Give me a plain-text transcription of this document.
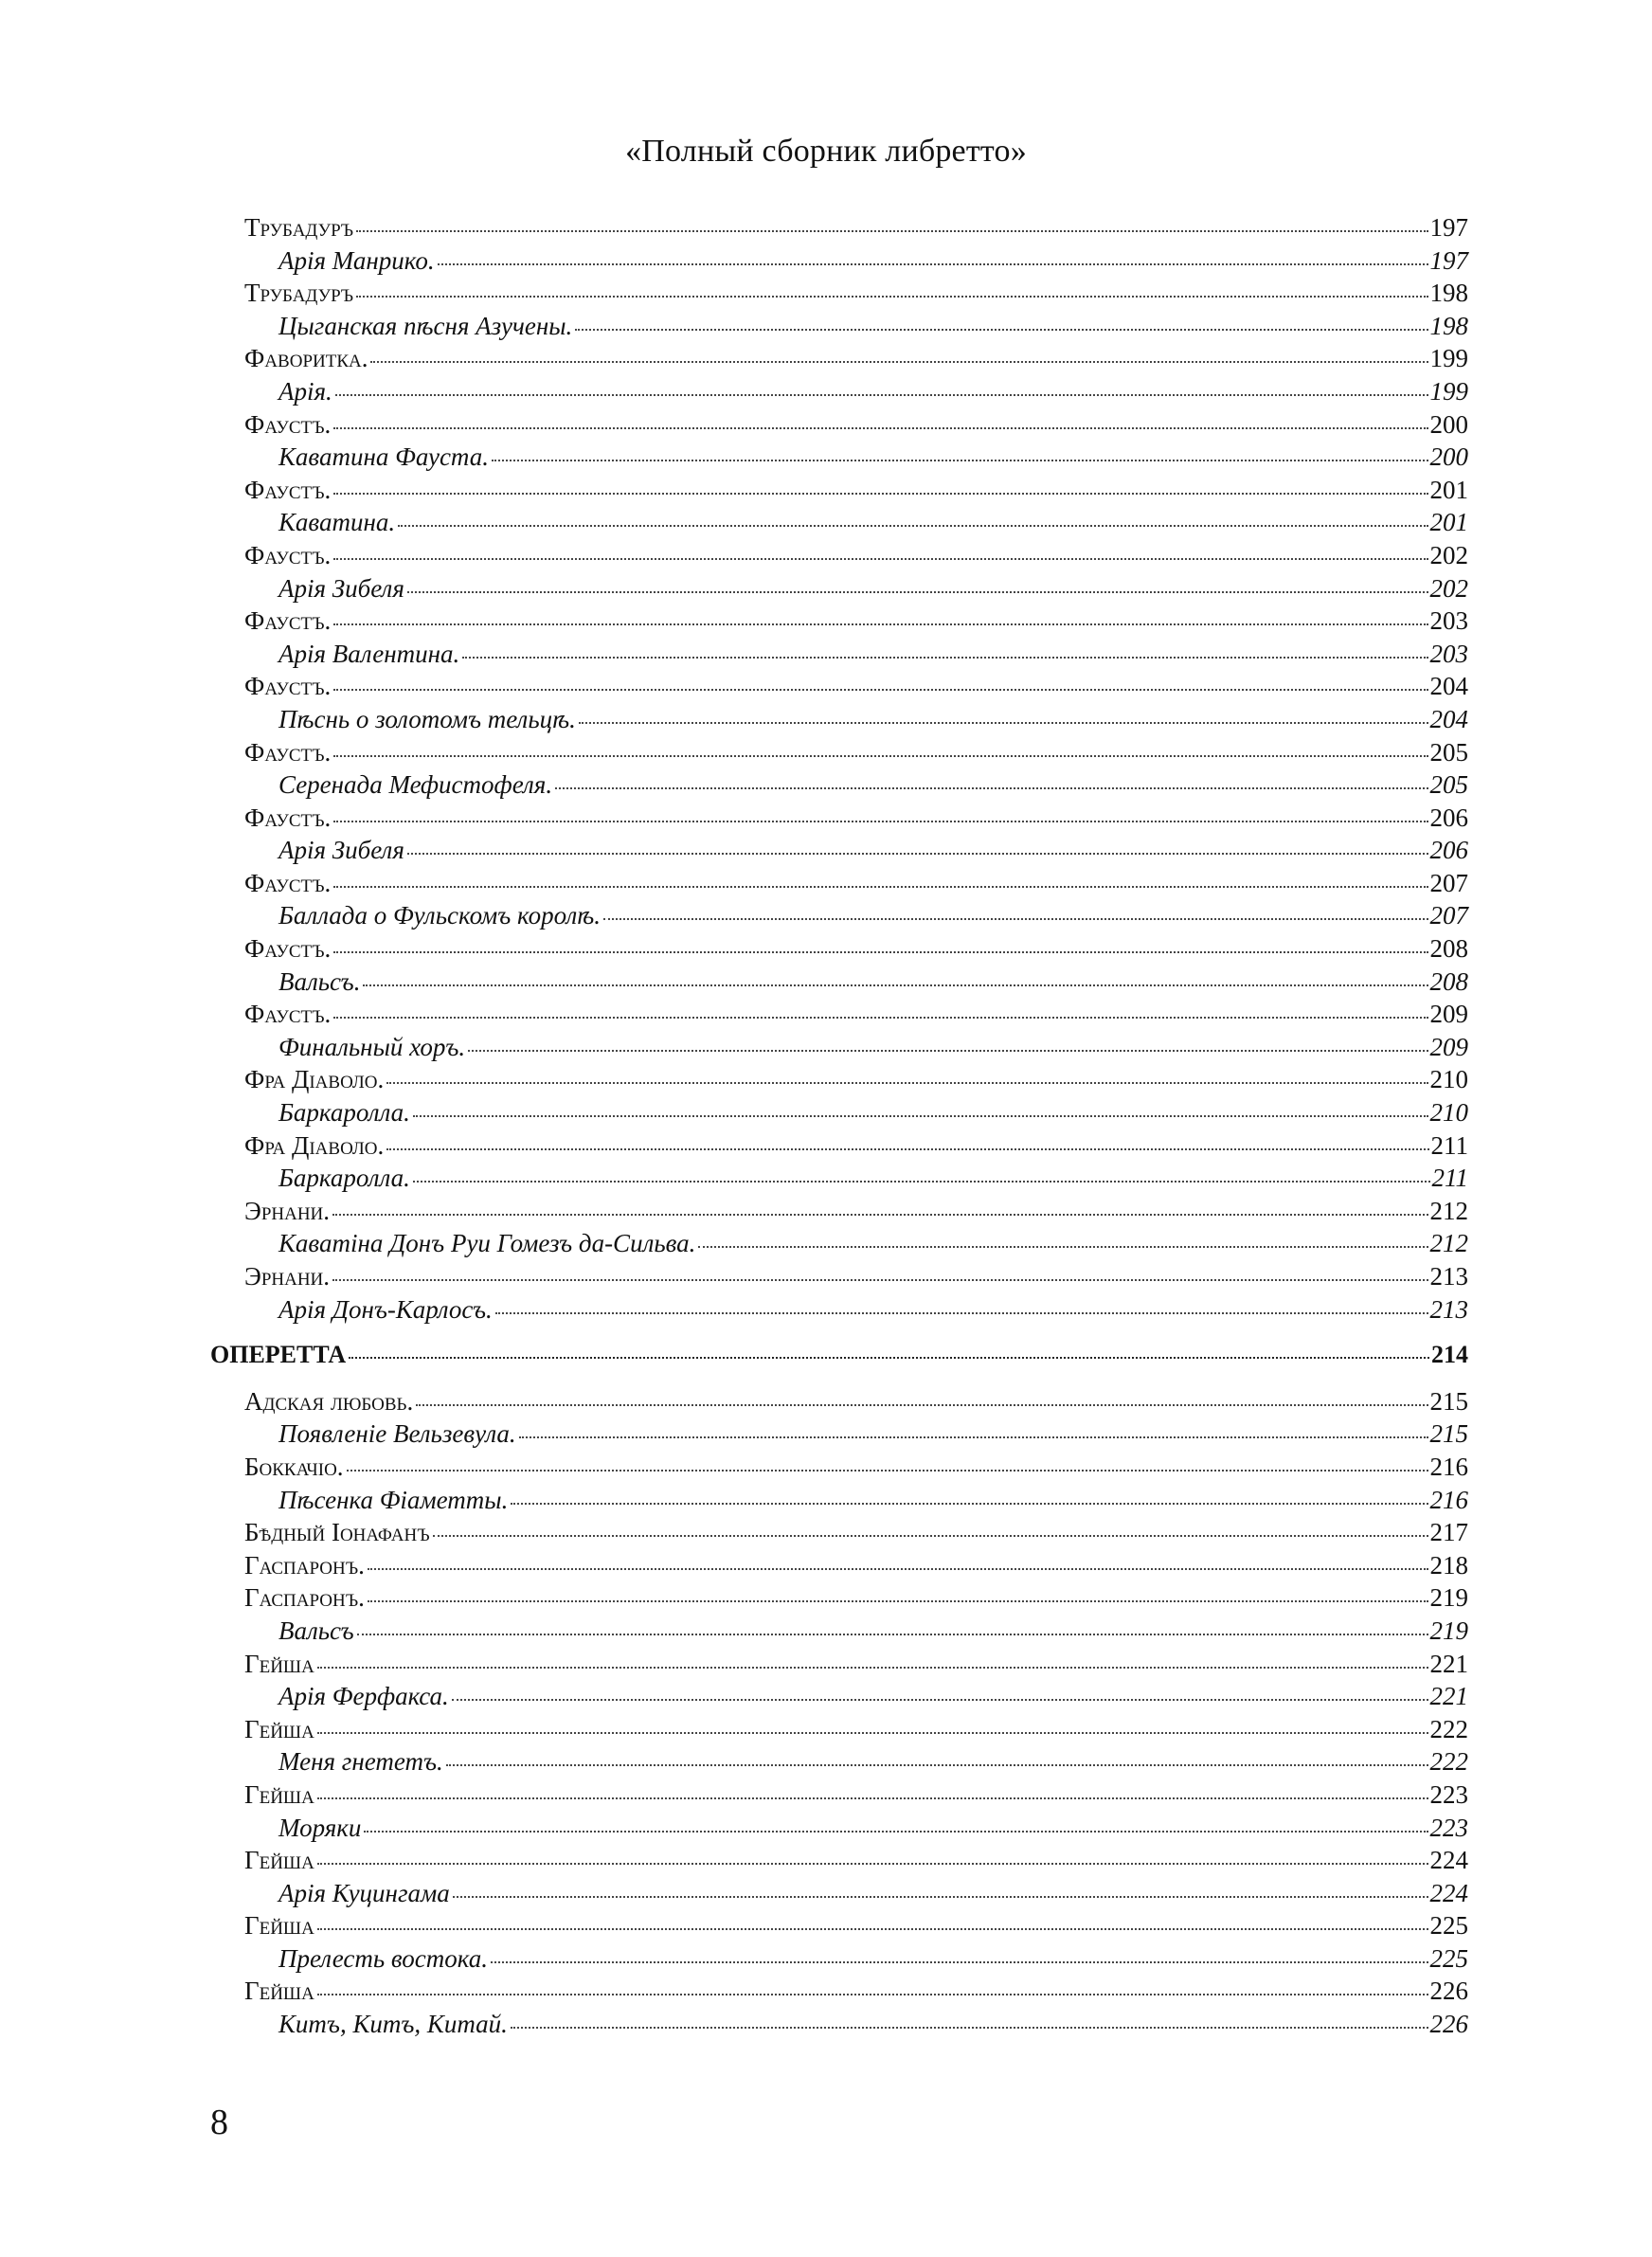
«Полный сборник либретто»
Трубадуръ	197
Арія Манрико.	197
Трубадуръ	198
Цыганская пѣсня Азучены.	198
Фаворитка.	199
Арія.	199
Фаустъ.	200
Каватина Фауста.	200
Фаустъ.	201
Каватина.	201
Фаустъ.	202
Арія Зибеля	202
Фаустъ.	203
Арія Валентина.	203
Фаустъ.	204
Пѣснь о золотомъ тельцѣ.	204
Фаустъ.	205
Серенада Мефистофеля.	205
Фаустъ.	206
Арія Зибеля	206
Фаустъ.	207
Баллада о Фульскомъ королѣ.	207
Фаустъ.	208
Вальсъ.	208
Фаустъ.	209
Финальный хоръ.	209
Фра Діаволо.	210
Баркаролла.	210
Фра Діаволо.	211
Баркаролла.	211
Эрнани.	212
Каватіна Донъ Руи Гомезъ да-Сильва.	212
Эрнани.	213
Арія Донъ-Карлосъ.	213
ОПЕРЕТТА	214
Адская любовь.	215
Появленіе Вельзевула.	215
Боккачіо.	216
Пѣсенка Фіаметты.	216
Бѣдный Іонафанъ	217
Гаспаронъ.	218
Гаспаронъ.	219
Вальсъ	219
Гейша	221
Арія Ферфакса.	221
Гейша	222
Меня гнететъ.	222
Гейша	223
Моряки	223
Гейша	224
Арія Куцингама	224
Гейша	225
Прелесть востока.	225
Гейша	226
Китъ, Китъ, Китай.	226
8
